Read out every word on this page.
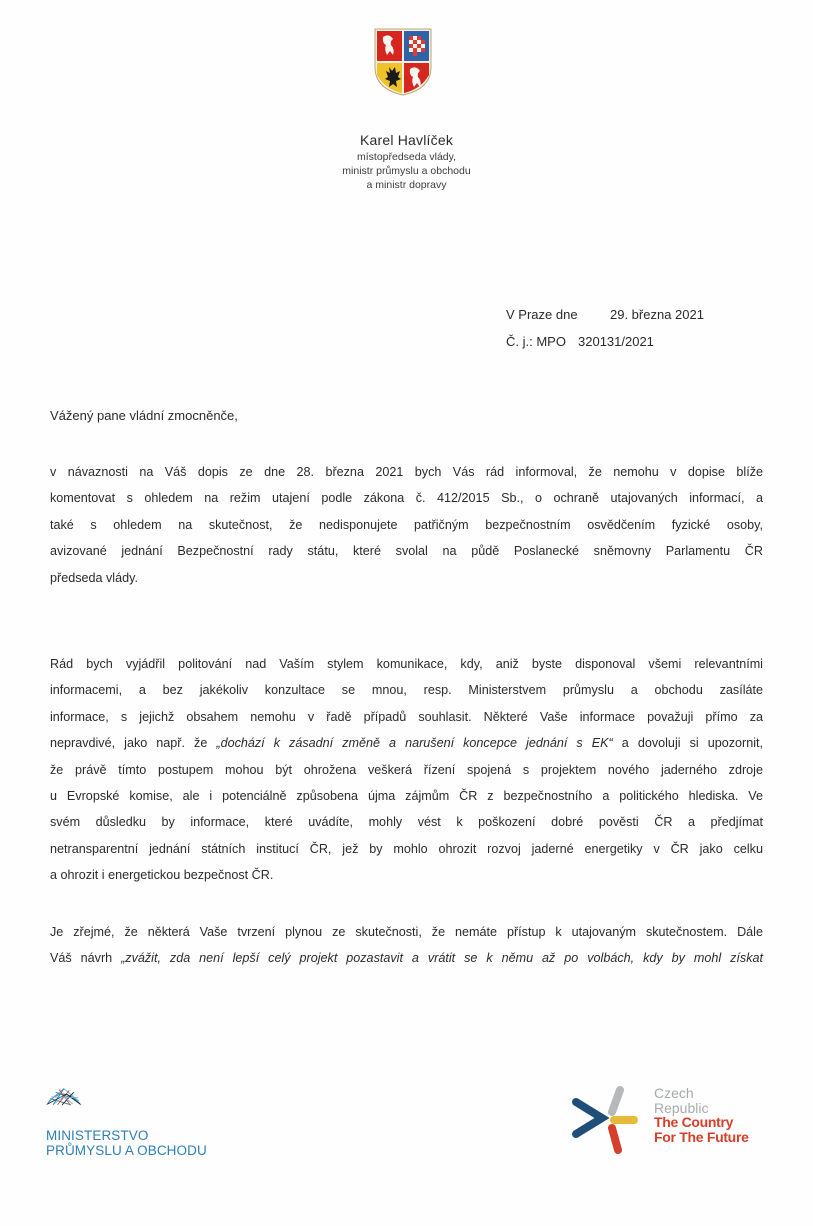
Karel Havlíček
místopředseda vlády,
ministr průmyslu a obchodu
a ministr dopravy
V Praze dne	29. března 2021
Č. j.: MPO 320131/2021
Vážený pane vládní zmocněnče,
v návaznosti na Váš dopis ze dne 28. března 2021 bych Vás rád informoval, že nemohu v dopise blíže
komentovat s ohledem na režim utajení podle zákona č. 412/2015 Sb., o ochraně utajovaných informací, a
také s ohledem na skutečnost, že nedisponujete patřičným bezpečnostním osvědčením fyzické osoby,
avizované jednání Bezpečnostní rady státu, které svolal na půdě Poslanecké sněmovny Parlamentu ČR
předseda vlády.
Rád bych vyjádřil politování nad Vaším stylem komunikace, kdy, aniž byste disponoval všemi relevantními
informacemi, a bez jakékoliv konzultace se mnou, resp. Ministerstvem průmyslu a obchodu zasíláte
informace, s jejichž obsahem nemohu v řadě případů souhlasit. Některé Vaše informace považuji přímo za
nepravdivé, jako např. že „dochází k zásadní změně a narušení koncepce jednání s EK“ a dovoluji si upozornit,
že právě tímto postupem mohou být ohrožena veškerá řízení spojená s projektem nového jaderného zdroje
u Evropské komise, ale i potenciálně způsobena újma zájmům ČR z bezpečnostního a politického hlediska. Ve
svém důsledku by informace, které uvádíte, mohly vést k poškození dobré pověsti ČR a předjímat
netransparentní jednání státních institucí ČR, jež by mohlo ohrozit rozvoj jaderné energetiky v ČR jako celku
a ohrozit i energetickou bezpečnost ČR.
Je zřejmé, že některá Vaše tvrzení plynou ze skutečnosti, že nemáte přístup k utajovaným skutečnostem. Dále
Váš návrh „zvážit, zda není lepší celý projekt pozastavit a vrátit se k němu až po volbách, kdy by mohl získat
MINISTERSTVO
PRŮMYSLU A OBCHODU
Czech
Republic
The Country
For The Future
